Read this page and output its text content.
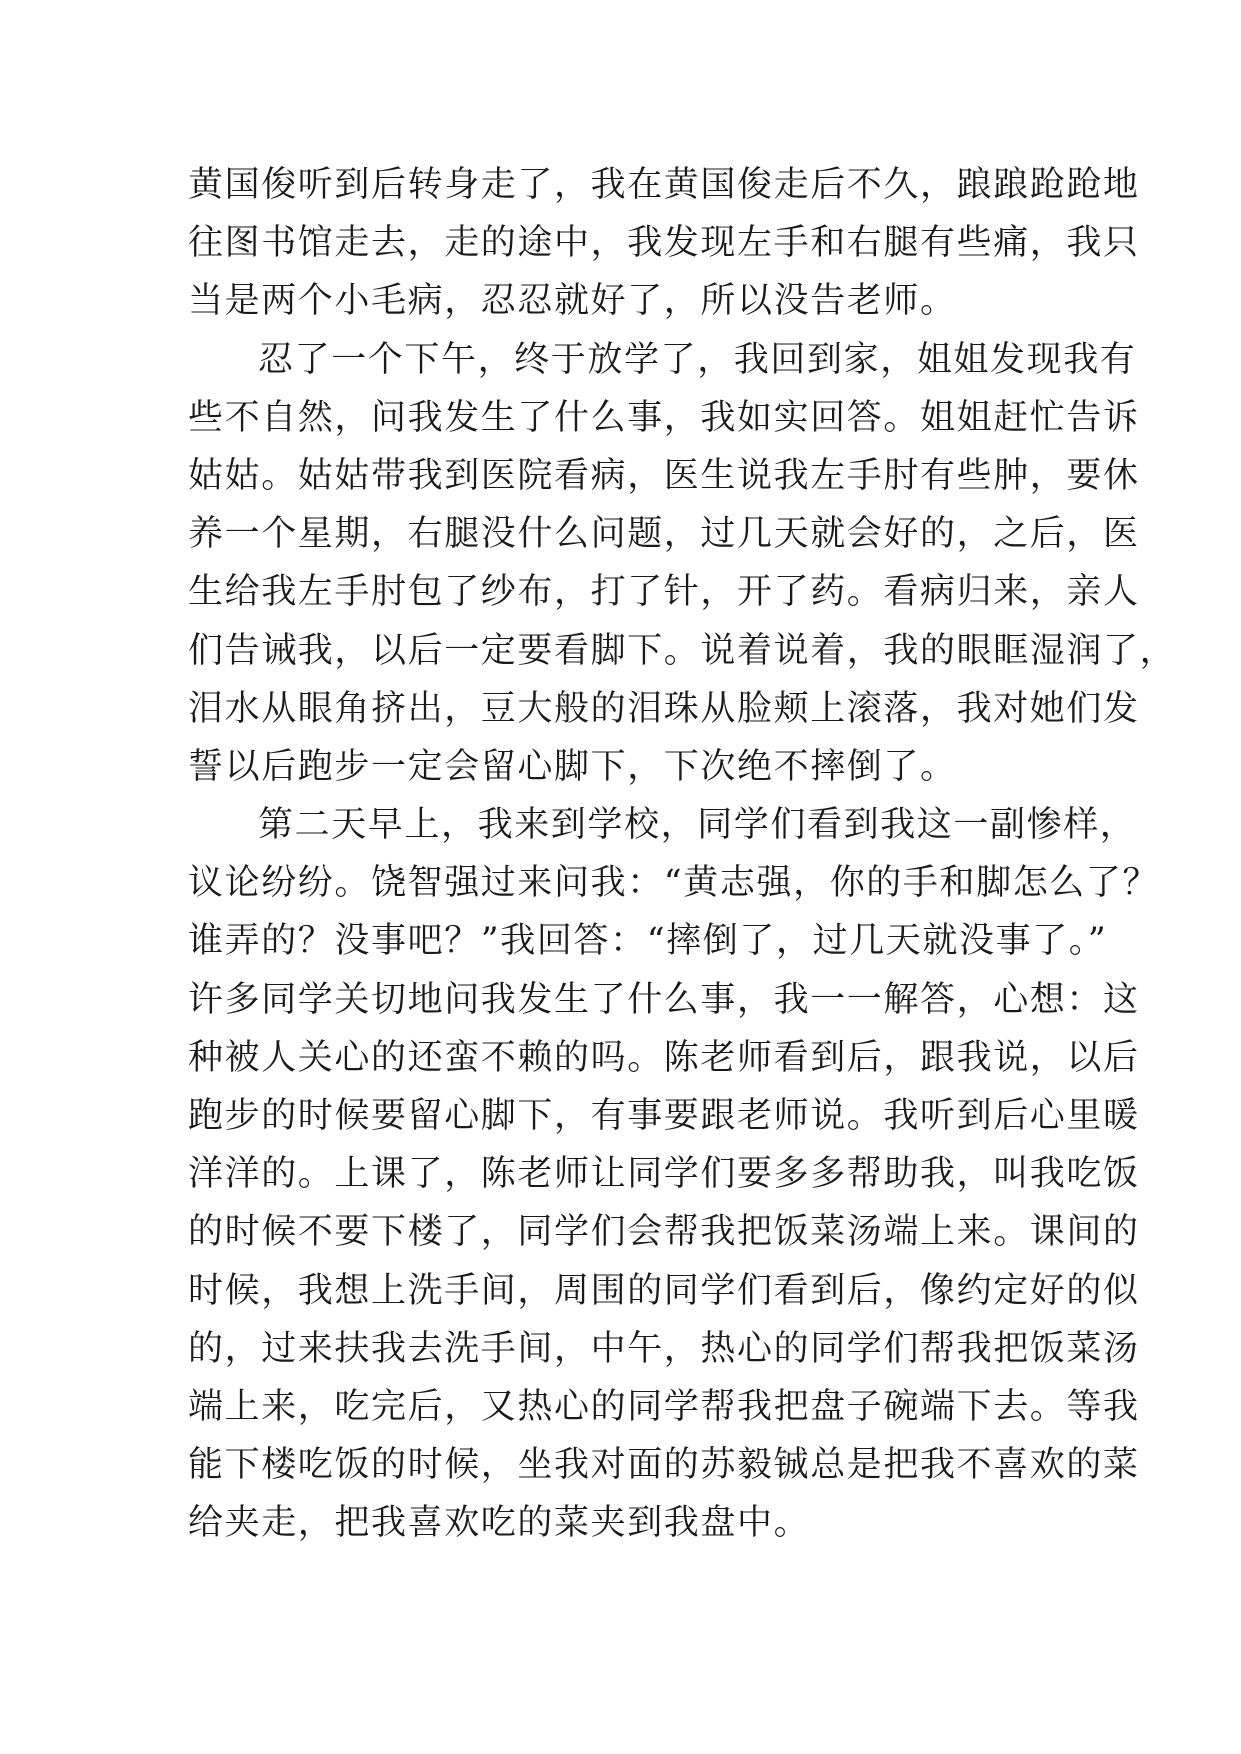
黄国俊听到后转身走了，我在黄国俊走后不久，踉踉跄跄地
往图书馆走去，走的途中，我发现左手和右腿有些痛，我只
当是两个小毛病，忍忍就好了，所以没告老师。
忍了一个下午，终于放学了，我回到家，姐姐发现我有
些不自然，问我发生了什么事，我如实回答。姐姐赶忙告诉
姑姑。姑姑带我到医院看病，医生说我左手肘有些肿，要休
养一个星期，右腿没什么问题，过几天就会好的，之后，医
生给我左手肘包了纱布，打了针，开了药。看病归来，亲人
们告诫我，以后一定要看脚下。说着说着，我的眼眶湿润了，
泪水从眼角挤出，豆大般的泪珠从脸颊上滚落，我对她们发
誓以后跑步一定会留心脚下，下次绝不摔倒了。
第二天早上，我来到学校，同学们看到我这一副惨样，
议论纷纷。饶智强过来问我：“黄志强，你的手和脚怎么了？
谁弄的？没事吧？”我回答：“摔倒了，过几天就没事了。”
许多同学关切地问我发生了什么事，我一一解答，心想：这
种被人关心的还蛮不赖的吗。陈老师看到后，跟我说，以后
跑步的时候要留心脚下，有事要跟老师说。我听到后心里暖
洋洋的。上课了，陈老师让同学们要多多帮助我，叫我吃饭
的时候不要下楼了，同学们会帮我把饭菜汤端上来。课间的
时候，我想上洗手间，周围的同学们看到后，像约定好的似
的，过来扶我去洗手间，中午，热心的同学们帮我把饭菜汤
端上来，吃完后，又热心的同学帮我把盘子碗端下去。等我
能下楼吃饭的时候，坐我对面的苏毅铖总是把我不喜欢的菜
给夹走，把我喜欢吃的菜夹到我盘中。
